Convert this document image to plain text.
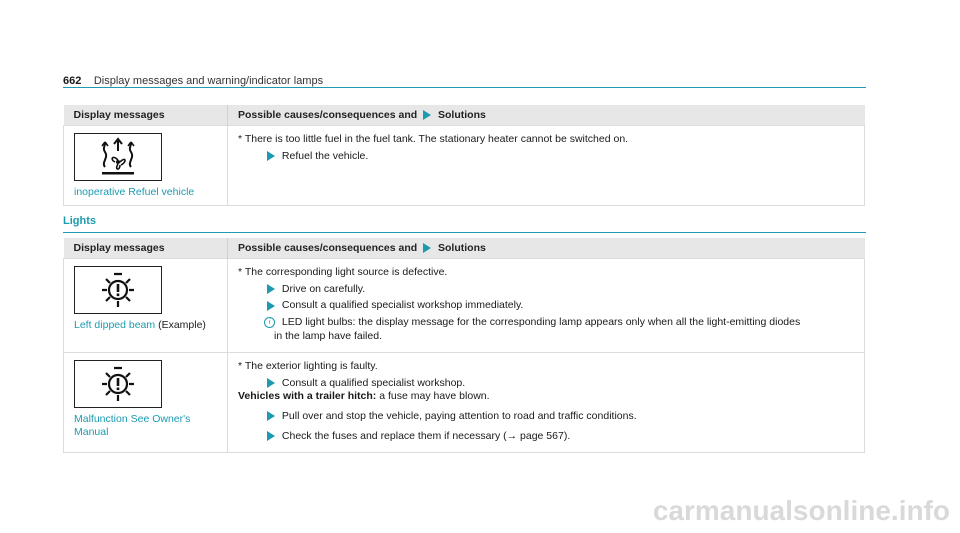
662 Display messages and warning/indicator lamps
Display messages	Possible causes/consequences and Solutions

inoperative Refuel vehicle	* There is too little fuel in the fuel tank. The stationary heater cannot be switched on.
Refuel the vehicle.
Lights
Display messages	Possible causes/consequences and Solutions

Left dipped beam (Example)	* The corresponding light source is defective.
Drive on carefully.
Consult a qualified specialist workshop immediately.
i LED light bulbs: the display message for the corresponding lamp appears only when all the light-emitting diodes
in the lamp have failed.

Malfunction See Owner's Manual	* The exterior lighting is faulty.
Consult a qualified specialist workshop.
Vehicles with a trailer hitch: a fuse may have blown.
Pull over and stop the vehicle, paying attention to road and traffic conditions.
Check the fuses and replace them if necessary (→ page 567).
carmanualsonline.info
